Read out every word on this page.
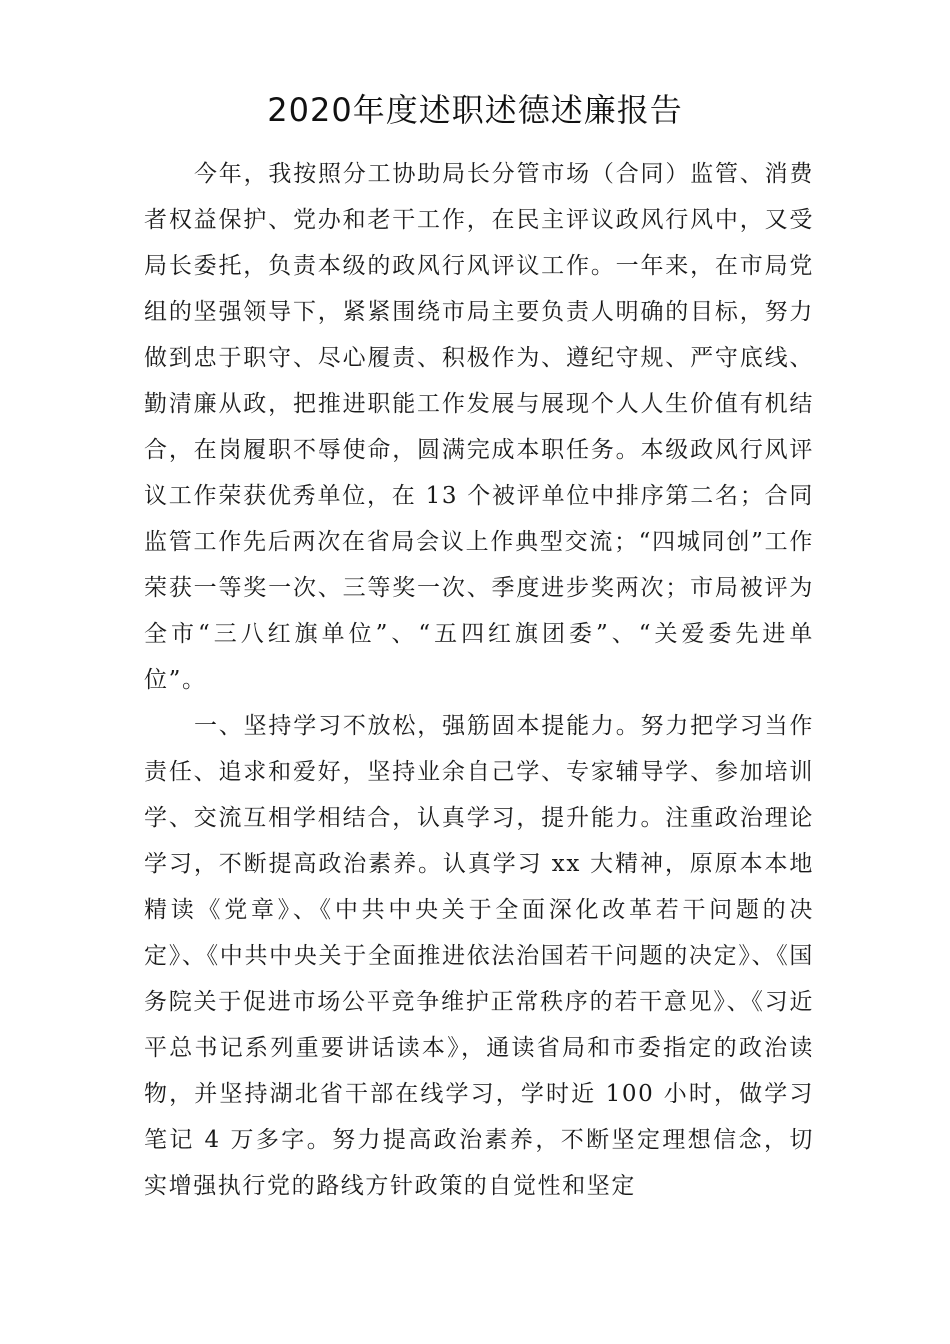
2020年度述职述德述廉报告

今年，我按照分工协助局长分管市场（合同）监管、消费者权益保护、党办和老干工作，在民主评议政风行风中，又受局长委托，负责本级的政风行风评议工作。一年来，在市局党组的坚强领导下，紧紧围绕市局主要负责人明确的目标，努力做到忠于职守、尽心履责、积极作为、遵纪守规、严守底线、勤清廉从政，把推进职能工作发展与展现个人人生价值有机结合，在岗履职不辱使命，圆满完成本职任务。本级政风行风评议工作荣获优秀单位，在 13 个被评单位中排序第二名；合同监管工作先后两次在省局会议上作典型交流；“四城同创”工作荣获一等奖一次、三等奖一次、季度进步奖两次；市局被评为全市“三八红旗单位”、“五四红旗团委”、“关爱委先进单位”。

一、坚持学习不放松，强筋固本提能力。努力把学习当作责任、追求和爱好，坚持业余自己学、专家辅导学、参加培训学、交流互相学相结合，认真学习，提升能力。注重政治理论学习，不断提高政治素养。认真学习 xx 大精神，原原本本地精读《党章》、《中共中央关于全面深化改革若干问题的决定》、《中共中央关于全面推进依法治国若干问题的决定》、《国务院关于促进市场公平竞争维护正常秩序的若干意见》、《习近平总书记系列重要讲话读本》，通读省局和市委指定的政治读物，并坚持湖北省干部在线学习，学时近 100 小时，做学习笔记 4 万多字。努力提高政治素养，不断坚定理想信念，切实增强执行党的路线方针政策的自觉性和坚定
